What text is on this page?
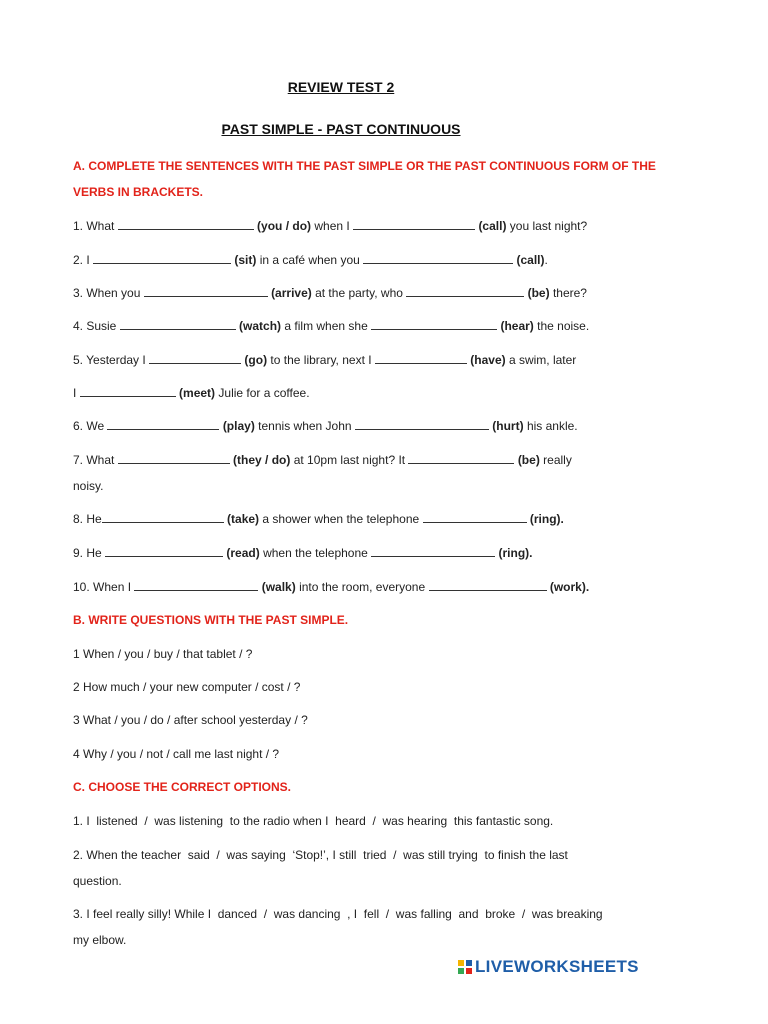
REVIEW TEST 2
PAST SIMPLE - PAST CONTINUOUS
A. COMPLETE THE SENTENCES WITH THE PAST SIMPLE OR THE PAST CONTINUOUS FORM OF THE
VERBS IN BRACKETS.
1. What	(you / do) when I	(call) you last night?
2. I	(sit) in a café when you	(call).
3. When you	(arrive) at the party, who	(be) there?
4. Susie	(watch) a film when she	(hear) the noise.
5. Yesterday I	(go) to the library, next I	(have) a swim, later
I	(meet) Julie for a coffee.
6. We	(play) tennis when John	(hurt) his ankle.
7. What	(they / do) at 10pm last night? It	(be) really
noisy.
8. He	(take) a shower when the telephone	(ring).
9. He	(read) when the telephone	(ring).
10. When I	(walk) into the room, everyone	(work).
B. WRITE QUESTIONS WITH THE PAST SIMPLE.
1 When / you / buy / that tablet / ?
2 How much / your new computer / cost / ?
3 What / you / do / after school yesterday / ?
4 Why / you / not / call me last night / ?
C. CHOOSE THE CORRECT OPTIONS.
1. I  listened  /  was listening  to the radio when I  heard  /  was hearing  this fantastic song.
2. When the teacher  said  /  was saying  ‘Stop!’, I still  tried  /  was still trying  to finish the last
question.
3. I feel really silly! While I  danced  /  was dancing  , I  fell  /  was falling  and  broke  /  was breaking
my elbow.
LIVEWORKSHEETS
